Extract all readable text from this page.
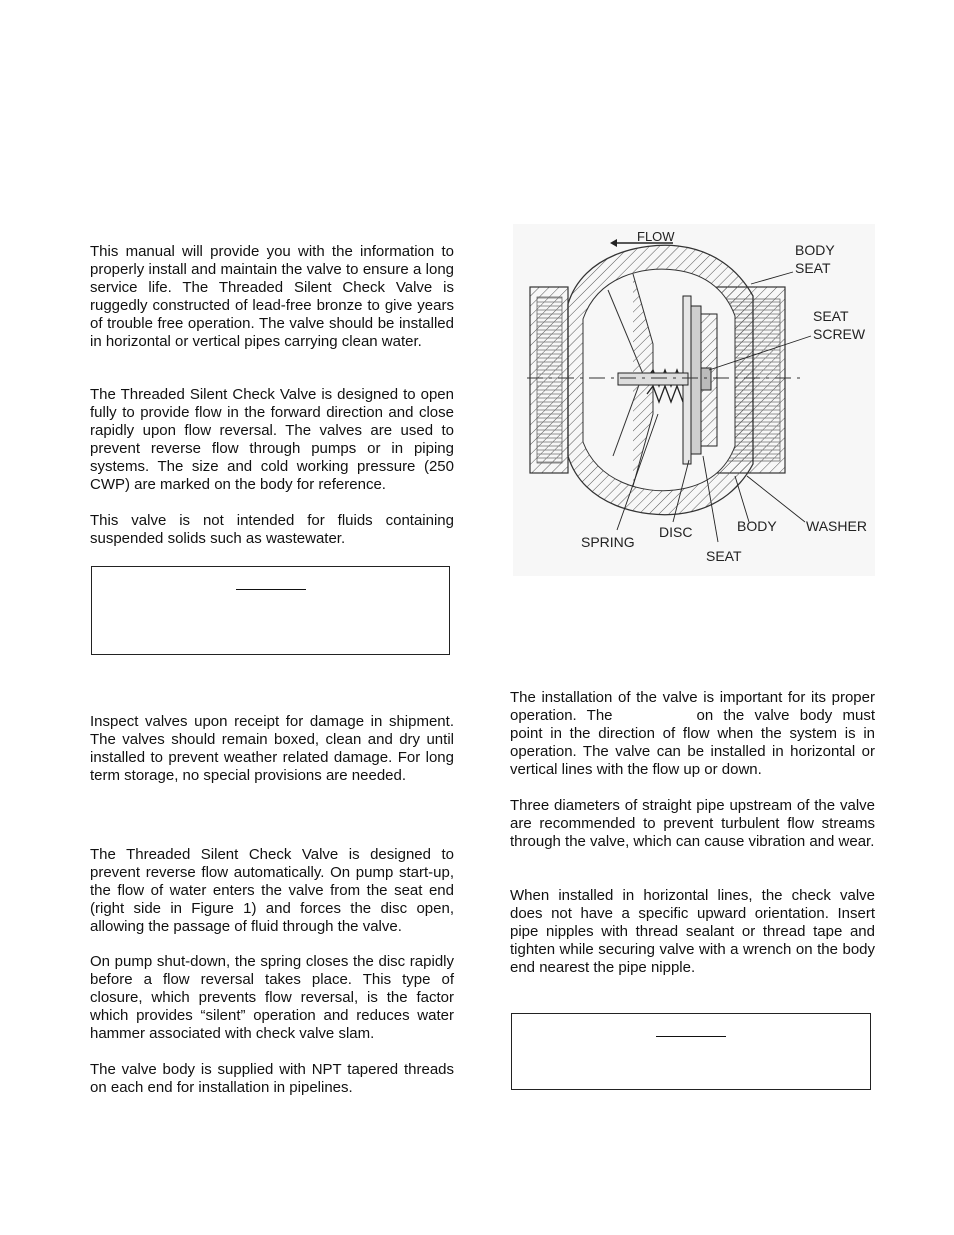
This manual will provide you with the information to properly install and maintain the valve to ensure a long service life. The Threaded Silent Check Valve is ruggedly constructed of lead-free bronze to give years of trouble free operation. The valve should be installed in horizontal or vertical pipes carrying clean water.

The Threaded Silent Check Valve is designed to open fully to provide flow in the forward direction and close rapidly upon flow reversal. The valves are used to prevent reverse flow through pumps or in piping systems. The size and cold working pressure (250 CWP) are marked on the body for reference.

This valve is not intended for fluids containing suspended solids such as wastewater.

Inspect valves upon receipt for damage in shipment. The valves should remain boxed, clean and dry until installed to prevent weather related damage. For long term storage, no special provisions are needed.

The Threaded Silent Check Valve is designed to prevent reverse flow automatically. On pump start-up, the flow of water enters the valve from the seat end (right side in Figure 1) and forces the disc open, allowing the passage of fluid through the valve.

On pump shut-down, the spring closes the disc rapidly before a flow reversal takes place. This type of closure, which prevents flow reversal, is the factor which provides “silent” operation and reduces water hammer associated with check valve slam.

The valve body is supplied with NPT tapered threads on each end for installation in pipelines.

The installation of the valve is important for its proper operation. The	on the valve body must point in the direction of flow when the system is in operation. The valve can be installed in horizontal or vertical lines with the flow up or down.

Three diameters of straight pipe upstream of the valve are recommended to prevent turbulent flow streams through the valve, which can cause vibration and wear.

When installed in horizontal lines, the check valve does not have a specific upward orientation. Insert pipe nipples with thread sealant or thread tape and tighten while securing valve with a wrench on the body end nearest the pipe nipple.

FLOW
BODY
SEAT
SEAT
SCREW
SPRING
DISC	BODY WASHER
SEAT
